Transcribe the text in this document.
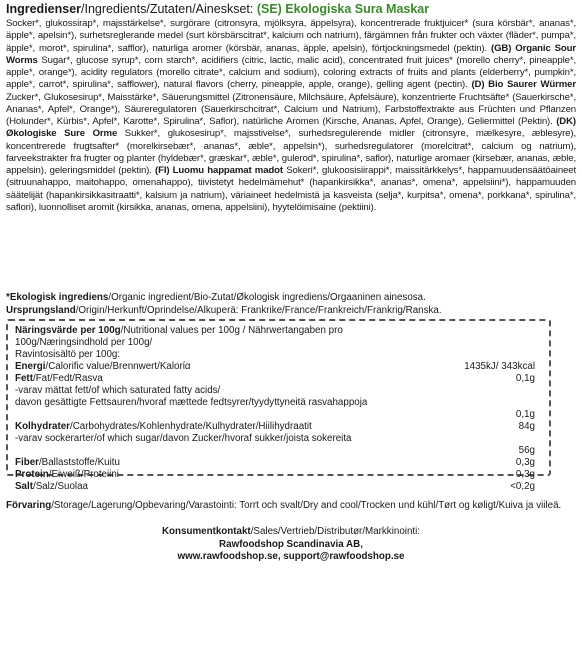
Ingredienser/Ingredients/Zutaten/Aineskset: (SE) Ekologiska Sura Maskar
Socker*, glukossirap*, majsstärkelse*, surgörare (citronsyra, mjölksyra, äppelsyra), koncentrerade fruktjuicer* (sura körsbär*, ananas*, äpple*, apelsin*), surhetsreglerande medel (surt körsbärscitrat*, kalcium och natrium), färgämnen från frukter och växter (fläder*, pumpa*, äpple*, morot*, spirulina*, safflor), naturliga aromer (körsbär, ananas, äpple, apelsin), förtjockningsmedel (pektin). (GB) Organic Sour Worms Sugar*, glucose syrup*, corn starch*, acidifiers (citric, lactic, malic acid), concentrated fruit juices* (morello cherry*, pineapple*, apple*, orange*), acidity regulators (morello citrate*, calcium and sodium), coloring extracts of fruits and plants (elderberry*, pumpkin*, apple*, carrot*, spirulina*, safflower), natural flavors (cherry, pineapple, apple, orange), gelling agent (pectin). (D) Bio Saurer Würmer Zucker*, Glukosesirup*, Maisstärke*, Säuerungsmittel (Zitronensäure, Milchsäure, Apfelsäure), konzentrierte Fruchtsäfte* (Sauerkirsche*, Ananas*, Apfel*, Orange*), Säureregulatoren (Sauerkirschcitrat*, Calcium und Natrium), Farbstoffextrakte aus Früchten und Pflanzen (Holunder*, Kürbis*, Apfel*, Karotte*, Spirulina*, Saflor), natürliche Aromen (Kirsche, Ananas, Apfel, Orange), Geliermittel (Pektin). (DK) Økologiske Sure Orme Sukker*, glukosesirup*, majsstivelse*, surhedsregulerende midler (citronsyre, mælkesyre, æblesyre), koncentrerede frugtsafter* (morelkirsebær*, ananas*, æble*, appelsin*), surhedsregulatorer (morelcitrat*, calcium og natrium), farveekstrakter fra frugter og planter (hyldebær*, græskar*, æble*, gulerod*, spirulina*, saflor), naturlige aromaer (kirsebær, ananas, æble, appelsin), geleringsmiddel (pektin). (FI) Luomu happamat madot Sokeri*, glukoosisiirappi*, maissitärkkelys*, happamuudensäätöaineet (sitruunahappo, maitohappo, omenahappo), tiivistetyt hedelmämehut* (hapankirsikka*, ananas*, omena*, appelsiini*), happamuuden säätelijät (hapankirsikkasitraatti*, kalsium ja natrium), väriaineet hedelmistä ja kasveista (selja*, kurpitsa*, omena*, porkkana*, spirulina*, saflori), luonnolliset aromit (kirsikka, ananas, omena, appelsiini), hyytelöimisaine (pektiini).
*Ekologisk ingrediens/Organic ingredient/Bio-Zutat/Økologisk ingrediens/Orgaaninen ainesosa.
Ursprungsland/Origin/Herkunft/Oprindelse/Alkuperä: Frankrike/France/Frankreich/Frankrig/Ranska.
Näringsvärde per 100g/Nutritional values per 100g / Nährwertangaben pro 100g/Næringsindhold per 100g/
Ravintosisältö per 100g:
Energi/Calorific value/Brennwert/Kalorία	1435kJ/ 343kcal
Fett/Fat/Fedt/Rasva	0,1g
-varav mättat fett/of which saturated fatty acids/
davon gesättigte Fettsauren/hvoraf mættede fedtsyrer/tyydyttyneitä rasvahappoja
0,1g
Kolhydrater/Carbohydrates/Kohlenhydrate/Kulhydrater/Hiilihydraatit	84g
-varav sockerarter/of which sugar/davon Zucker/hvoraf sukker/joista sokereita
56g
Fiber/Ballaststoffe/Kuitu	0,3g
Protein/Eiweiß/Proteiini	0,3g
Salt/Salz/Suolaa	<0,2g
Förvaring/Storage/Lagerung/Opbevaring/Varastointi: Torrt och svalt/Dry and cool/Trocken und kühl/Tørt og køligt/Kuiva ja viileä.
Konsumentkontakt/Sales/Vertrieb/Distributør/Markkinointi:
Rawfoodshop Scandinavia AB,
www.rawfoodshop.se, support@rawfoodshop.se
